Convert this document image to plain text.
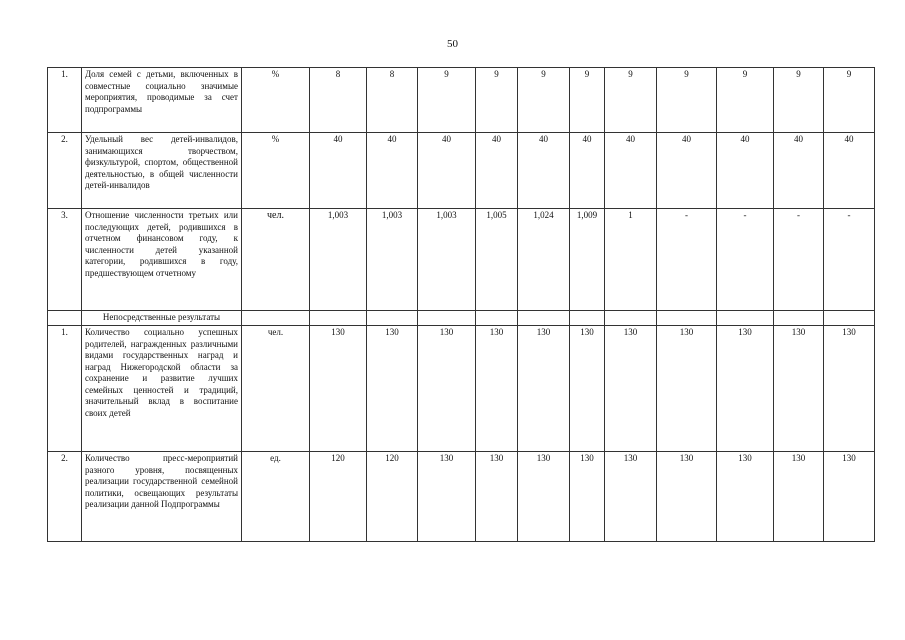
50
1.	Доля семей с детьми, включенных в совместные социально значимые мероприятия, проводимые за счет подпрограммы	%	8	8	9	9	9	9	9	9	9	9	9
2.	Удельный вес детей-инвалидов, занимающихся творчеством, физкультурой, спортом, общественной деятельностью, в общей численности детей-инвалидов	%	40	40	40	40	40	40	40	40	40	40	40
3.	Отношение численности третьих или последующих детей, родившихся в отчетном финансовом году, к численности детей указанной категории, родившихся в году, предшествующем отчетному	чел.	1,003	1,003	1,003	1,005	1,024	1,009	1	-	-	-	-
	Непосредственные результаты												
1.	Количество социально успешных родителей, награжденных различными видами государственных наград и наград Нижегородской области за сохранение и развитие лучших семейных ценностей и традиций, значительный вклад в воспитание своих детей	чел.	130	130	130	130	130	130	130	130	130	130	130
2.	Количество пресс-мероприятий разного уровня, посвященных реализации государственной семейной политики, освещающих результаты реализации данной Подпрограммы	ед.	120	120	130	130	130	130	130	130	130	130	130
